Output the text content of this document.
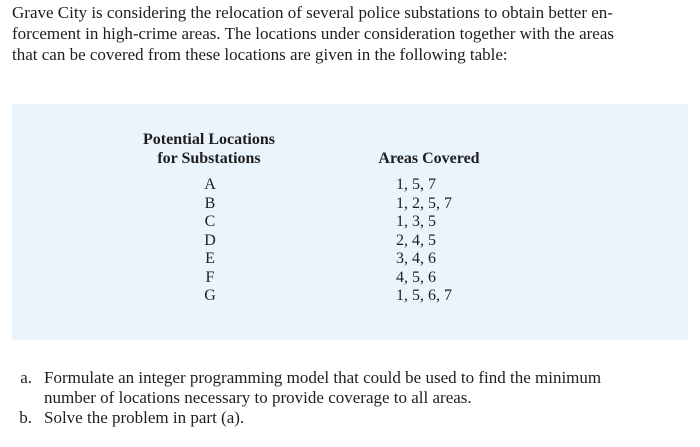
Grave City is considering the relocation of several police substations to obtain better en-
forcement in high-crime areas. The locations under consideration together with the areas
that can be covered from these locations are given in the following table:

Potential Locations
for Substations	Areas Covered
A
B
C
D
E
F
G
1, 5, 7
1, 2, 5, 7
1, 3, 5
2, 4, 5
3, 4, 6
4, 5, 6
1, 5, 6, 7
a. Formulate an integer programming model that could be used to find the minimum
number of locations necessary to provide coverage to all areas.
b. Solve the problem in part (a).
